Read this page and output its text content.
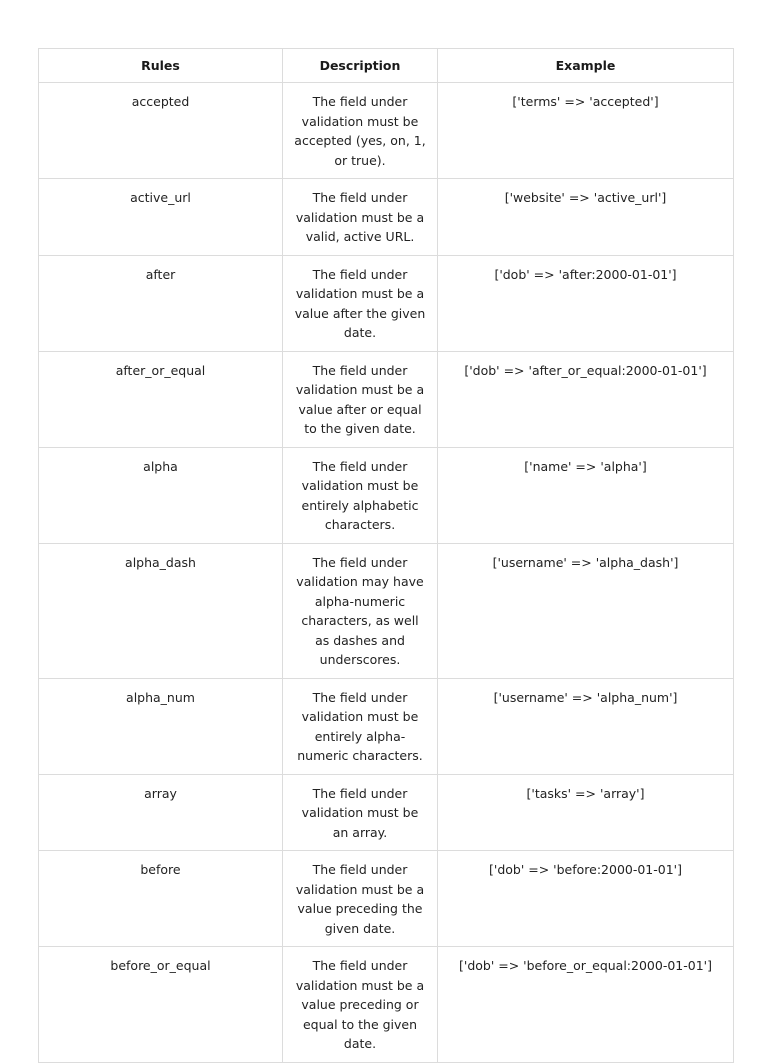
Rules	Description	Example
accepted	The field under validation must be accepted (yes, on, 1, or true).	['terms' => 'accepted']
active_url	The field under validation must be a valid, active URL.	['website' => 'active_url']
after	The field under validation must be a value after the given date.	['dob' => 'after:2000-01-01']
after_or_equal	The field under validation must be a value after or equal to the given date.	['dob' => 'after_or_equal:2000-01-01']
alpha	The field under validation must be entirely alphabetic characters.	['name' => 'alpha']
alpha_dash	The field under validation may have alpha-numeric characters, as well as dashes and underscores.	['username' => 'alpha_dash']
alpha_num	The field under validation must be entirely alpha-numeric characters.	['username' => 'alpha_num']
array	The field under validation must be an array.	['tasks' => 'array']
before	The field under validation must be a value preceding the given date.	['dob' => 'before:2000-01-01']
before_or_equal	The field under validation must be a value preceding or equal to the given date.	['dob' => 'before_or_equal:2000-01-01']
